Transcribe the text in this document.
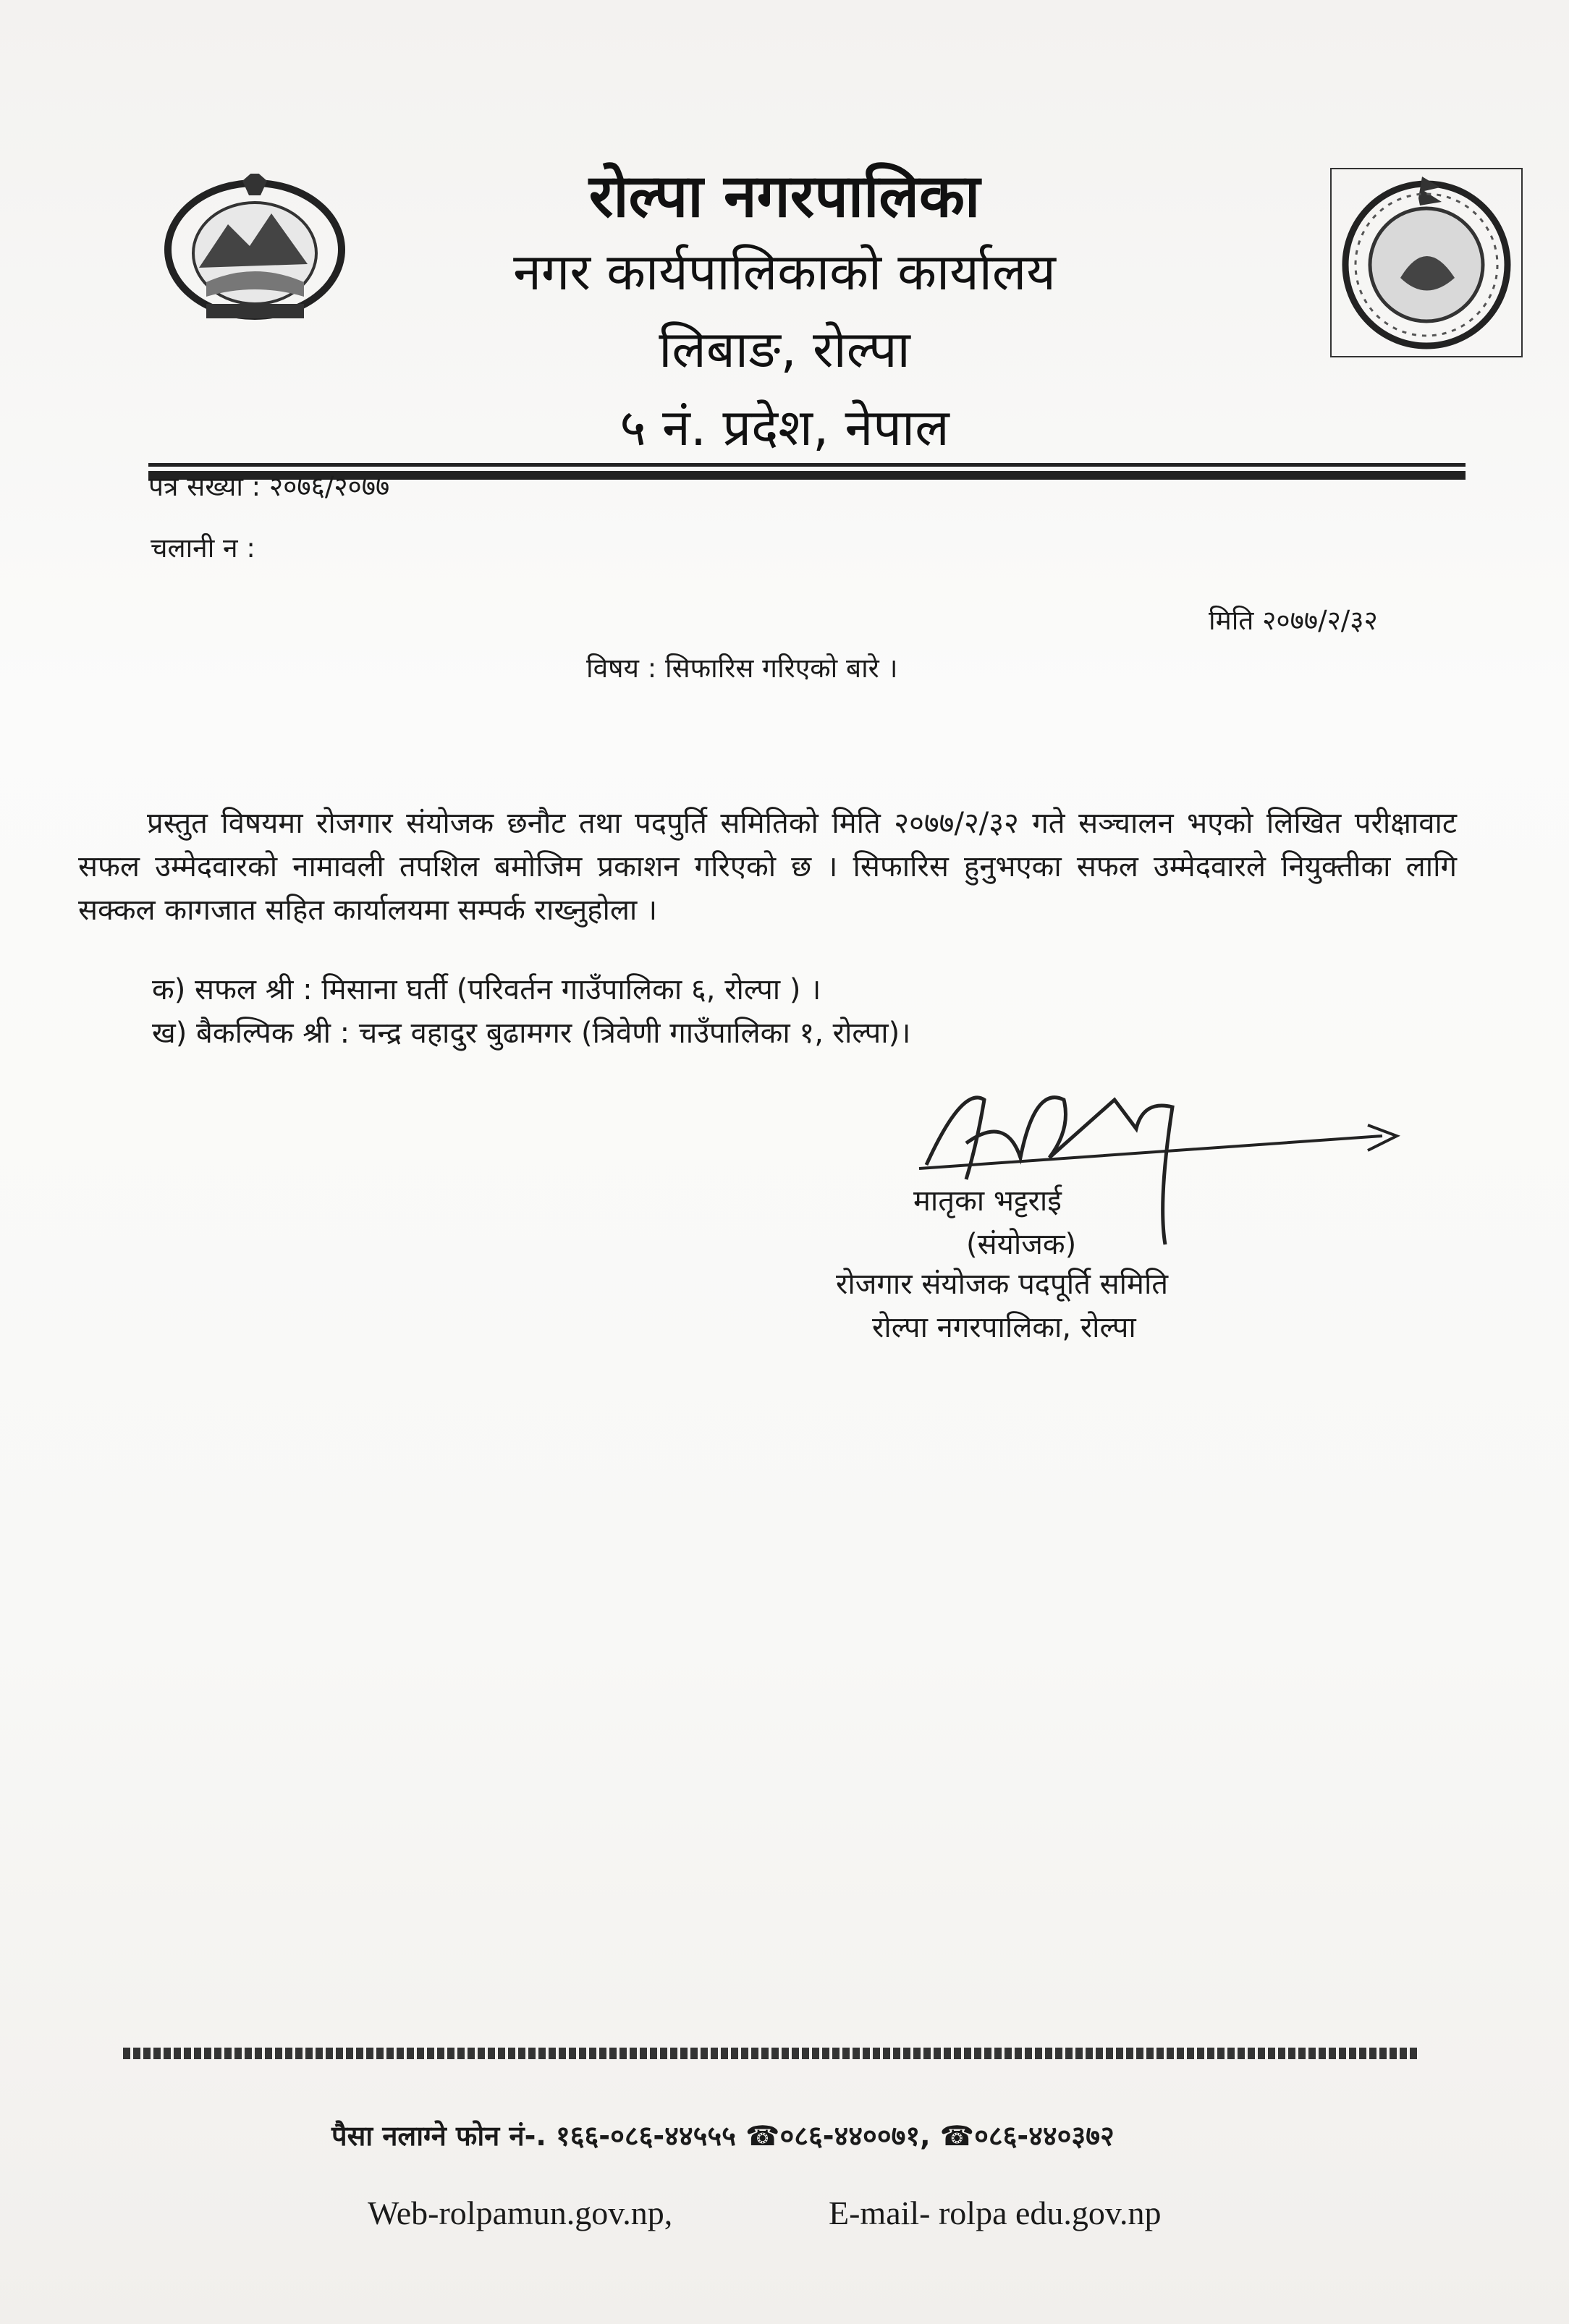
रोल्पा नगरपालिका
नगर कार्यपालिकाको कार्यालय
लिबाङ, रोल्पा
५ नं. प्रदेश, नेपाल
पत्र सख्या : २०७६/२०७७
चलानी न :
मिति २०७७/२/३२
विषय : सिफारिस गरिएको बारे ।
प्रस्तुत विषयमा रोजगार संयोजक छनौट तथा पदपुर्ति समितिको मिति २०७७/२/३२ गते सञ्चालन भएको लिखित परीक्षावाट सफल उम्मेदवारको नामावली तपशिल बमोजिम प्रकाशन गरिएको छ । सिफारिस हुनुभएका सफल उम्मेदवारले नियुक्तीका लागि सक्कल कागजात सहित कार्यालयमा सम्पर्क राख्नुहोला ।
क) सफल श्री : मिसाना घर्ती (परिवर्तन गाउँपालिका ६, रोल्पा ) ।
ख) बैकल्पिक श्री : चन्द्र वहादुर बुढामगर (त्रिवेणी गाउँपालिका १, रोल्पा)।
मातृका भट्टराई
(संयोजक)
रोजगार संयोजक पदपूर्ति समिति
रोल्पा नगरपालिका, रोल्पा
पैसा नलाग्ने फोन नं-. १६६-०८६-४४५५५ ☎०८६-४४००७१, ☎०८६-४४०३७२
Web-rolpamun.gov.np,	E-mail- rolpa edu.gov.np
